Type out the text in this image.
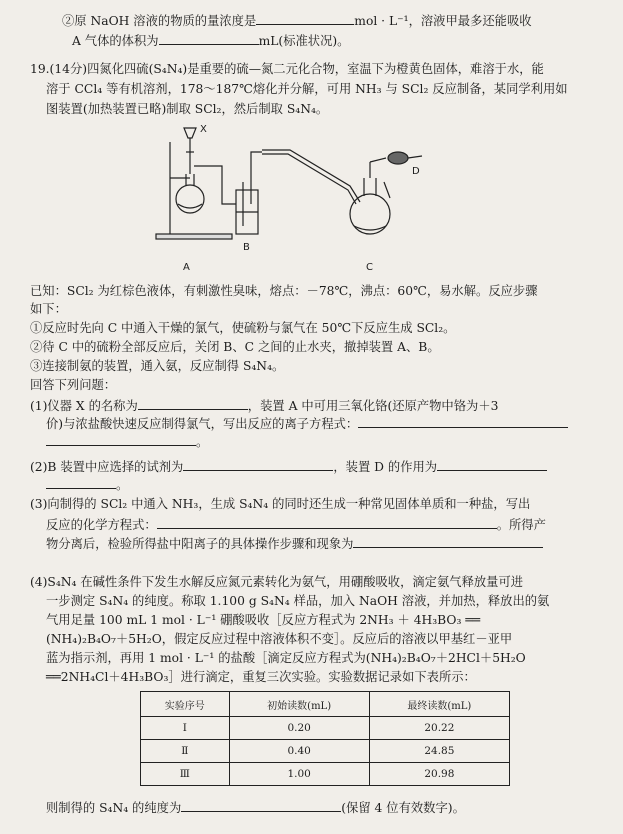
②原 NaOH 溶液的物质的量浓度是	mol · L⁻¹，溶液甲最多还能吸收
A 气体的体积为	mL(标准状况)。
19.(14分)四氮化四硫(S₄N₄)是重要的硫—氮二元化合物，室温下为橙黄色固体，难溶于水，能
溶于 CCl₄ 等有机溶剂，178～187℃熔化并分解，可用 NH₃ 与 SCl₂ 反应制备，某同学利用如
图装置(加热装置已略)制取 SCl₂，然后制取 S₄N₄。
A
B
C
D
X
已知：SCl₂ 为红棕色液体，有刺激性臭味，熔点：－78℃，沸点：60℃，易水解。反应步骤
如下：
①反应时先向 C 中通入干燥的氯气，使硫粉与氯气在 50℃下反应生成 SCl₂。
②待 C 中的硫粉全部反应后，关闭 B、C 之间的止水夹，撤掉装置 A、B。
③连接制氨的装置，通入氨，反应制得 S₄N₄。
回答下列问题：
(1)仪器 X 的名称为	，装置 A 中可用三氧化铬(还原产物中铬为＋3
价)与浓盐酸快速反应制得氯气，写出反应的离子方程式：
。
(2)B 装置中应选择的试剂为	，装置 D 的作用为
。
(3)向制得的 SCl₂ 中通入 NH₃，生成 S₄N₄ 的同时还生成一种常见固体单质和一种盐，写出
反应的化学方程式：	。所得产
物分离后，检验所得盐中阳离子的具体操作步骤和现象为
(4)S₄N₄ 在碱性条件下发生水解反应氮元素转化为氨气，用硼酸吸收，滴定氨气释放量可进
一步测定 S₄N₄ 的纯度。称取 1.100 g S₄N₄ 样品，加入 NaOH 溶液，并加热，释放出的氨
气用足量 100 mL 1 mol · L⁻¹ 硼酸吸收［反应方程式为 2NH₃ ＋ 4H₃BO₃ ══
(NH₄)₂B₄O₇＋5H₂O，假定反应过程中溶液体积不变］。反应后的溶液以甲基红－亚甲
蓝为指示剂，再用 1 mol · L⁻¹ 的盐酸［滴定反应方程式为(NH₄)₂B₄O₇＋2HCl＋5H₂O
══2NH₄Cl＋4H₃BO₃］进行滴定，重复三次实验。实验数据记录如下表所示：
实验序号	初始读数(mL)	最终读数(mL)
Ⅰ	0.20	20.22
Ⅱ	0.40	24.85
Ⅲ	1.00	20.98
则制得的 S₄N₄ 的纯度为	(保留 4 位有效数字)。
